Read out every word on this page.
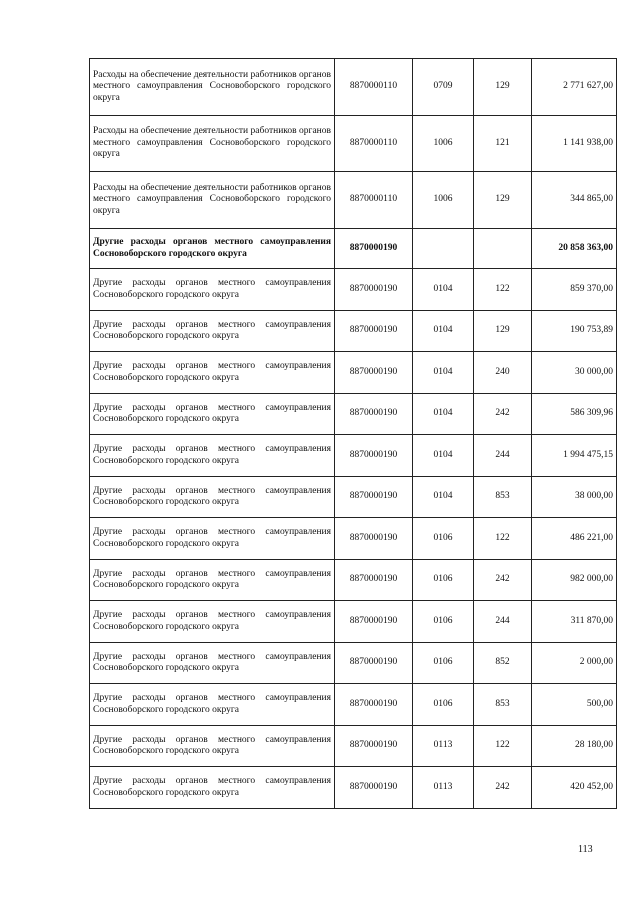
Расходы на обеспечение деятельности работников органов местного самоуправления Сосновоборского городского округа	8870000110	0709	129	2 771 627,00
Расходы на обеспечение деятельности работников органов местного самоуправления Сосновоборского городского округа	8870000110	1006	121	1 141 938,00
Расходы на обеспечение деятельности работников органов местного самоуправления Сосновоборского городского округа	8870000110	1006	129	344 865,00
Другие расходы органов местного самоуправления Сосновоборского городского округа	8870000190			20 858 363,00
Другие расходы органов местного самоуправления Сосновоборского городского округа	8870000190	0104	122	859 370,00
Другие расходы органов местного самоуправления Сосновоборского городского округа	8870000190	0104	129	190 753,89
Другие расходы органов местного самоуправления Сосновоборского городского округа	8870000190	0104	240	30 000,00
Другие расходы органов местного самоуправления Сосновоборского городского округа	8870000190	0104	242	586 309,96
Другие расходы органов местного самоуправления Сосновоборского городского округа	8870000190	0104	244	1 994 475,15
Другие расходы органов местного самоуправления Сосновоборского городского округа	8870000190	0104	853	38 000,00
Другие расходы органов местного самоуправления Сосновоборского городского округа	8870000190	0106	122	486 221,00
Другие расходы органов местного самоуправления Сосновоборского городского округа	8870000190	0106	242	982 000,00
Другие расходы органов местного самоуправления Сосновоборского городского округа	8870000190	0106	244	311 870,00
Другие расходы органов местного самоуправления Сосновоборского городского округа	8870000190	0106	852	2 000,00
Другие расходы органов местного самоуправления Сосновоборского городского округа	8870000190	0106	853	500,00
Другие расходы органов местного самоуправления Сосновоборского городского округа	8870000190	0113	122	28 180,00
Другие расходы органов местного самоуправления Сосновоборского городского округа	8870000190	0113	242	420 452,00
113
